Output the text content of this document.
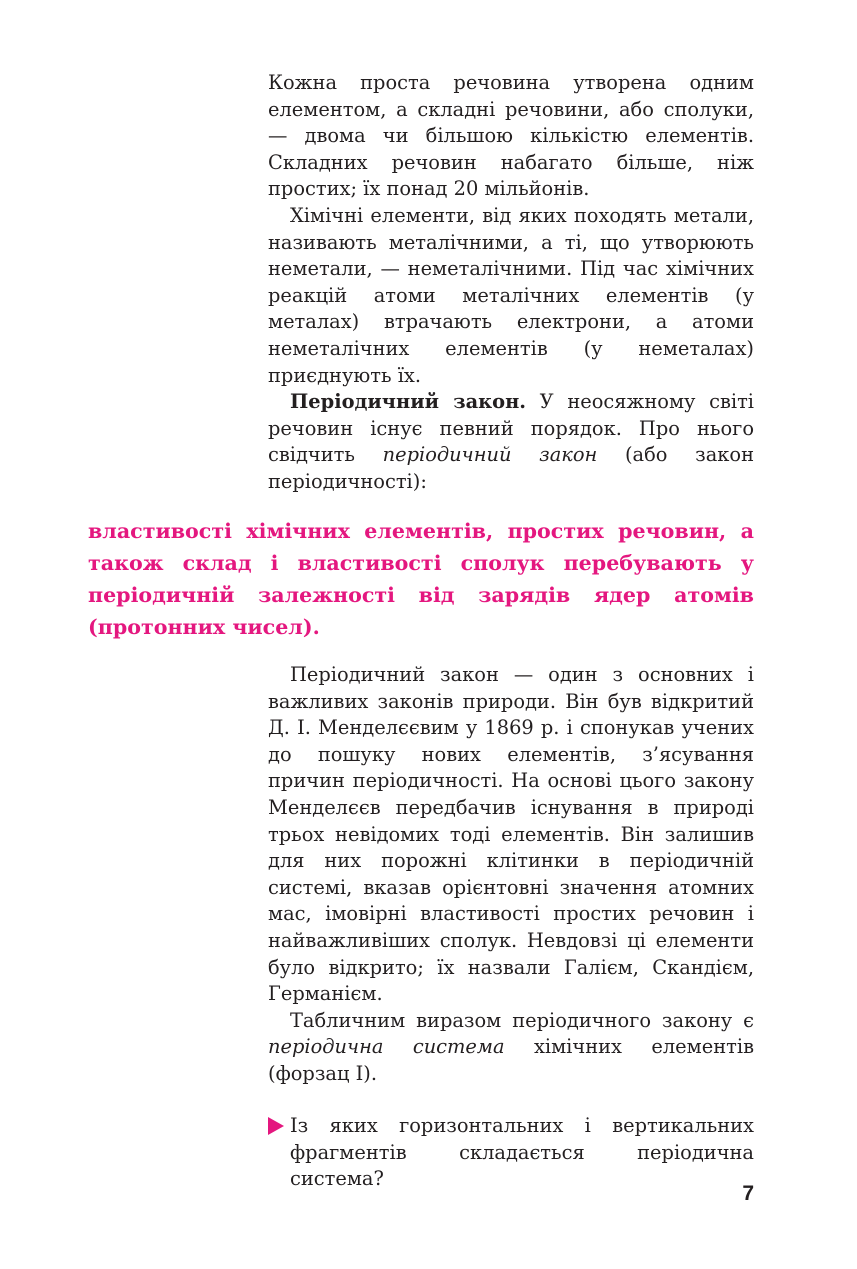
Кожна проста речовина утворена одним елементом, а складні речовини, або сполуки, — двома чи більшою кількістю елементів. Складних речовин набагато більше, ніж простих; їх понад 20 мільйонів.

Хімічні елементи, від яких походять метали, називають металічними, а ті, що утворюють неметали, — неметалічними. Під час хімічних реакцій атоми металічних елементів (у металах) втрачають електрони, а атоми неметалічних елементів (у неметалах) приєднують їх.

Періодичний закон. У неосяжному світі речовин існує певний порядок. Про нього свідчить періодичний закон (або закон періодичності):

властивості хімічних елементів, простих речовин, а також склад і властивості сполук перебувають у періодичній залежності від зарядів ядер атомів (протонних чисел).

Періодичний закон — один з основних і важливих законів природи. Він був відкритий Д. І. Менделєєвим у 1869 р. і спонукав учених до пошуку нових елементів, з’ясування причин періодичності. На основі цього закону Менделєєв передбачив існування в природі трьох невідомих тоді елементів. Він залишив для них порожні клітинки в періодичній системі, вказав орієнтовні значення атомних мас, імовірні властивості простих речовин і найважливіших сполук. Невдовзі ці елементи було відкрито; їх назвали Галієм, Скандієм, Германієм.

Табличним виразом періодичного закону є періодична система хімічних елементів (форзац І).

Із яких горизонтальних і вертикальних фрагментів складається періодична система?

7
